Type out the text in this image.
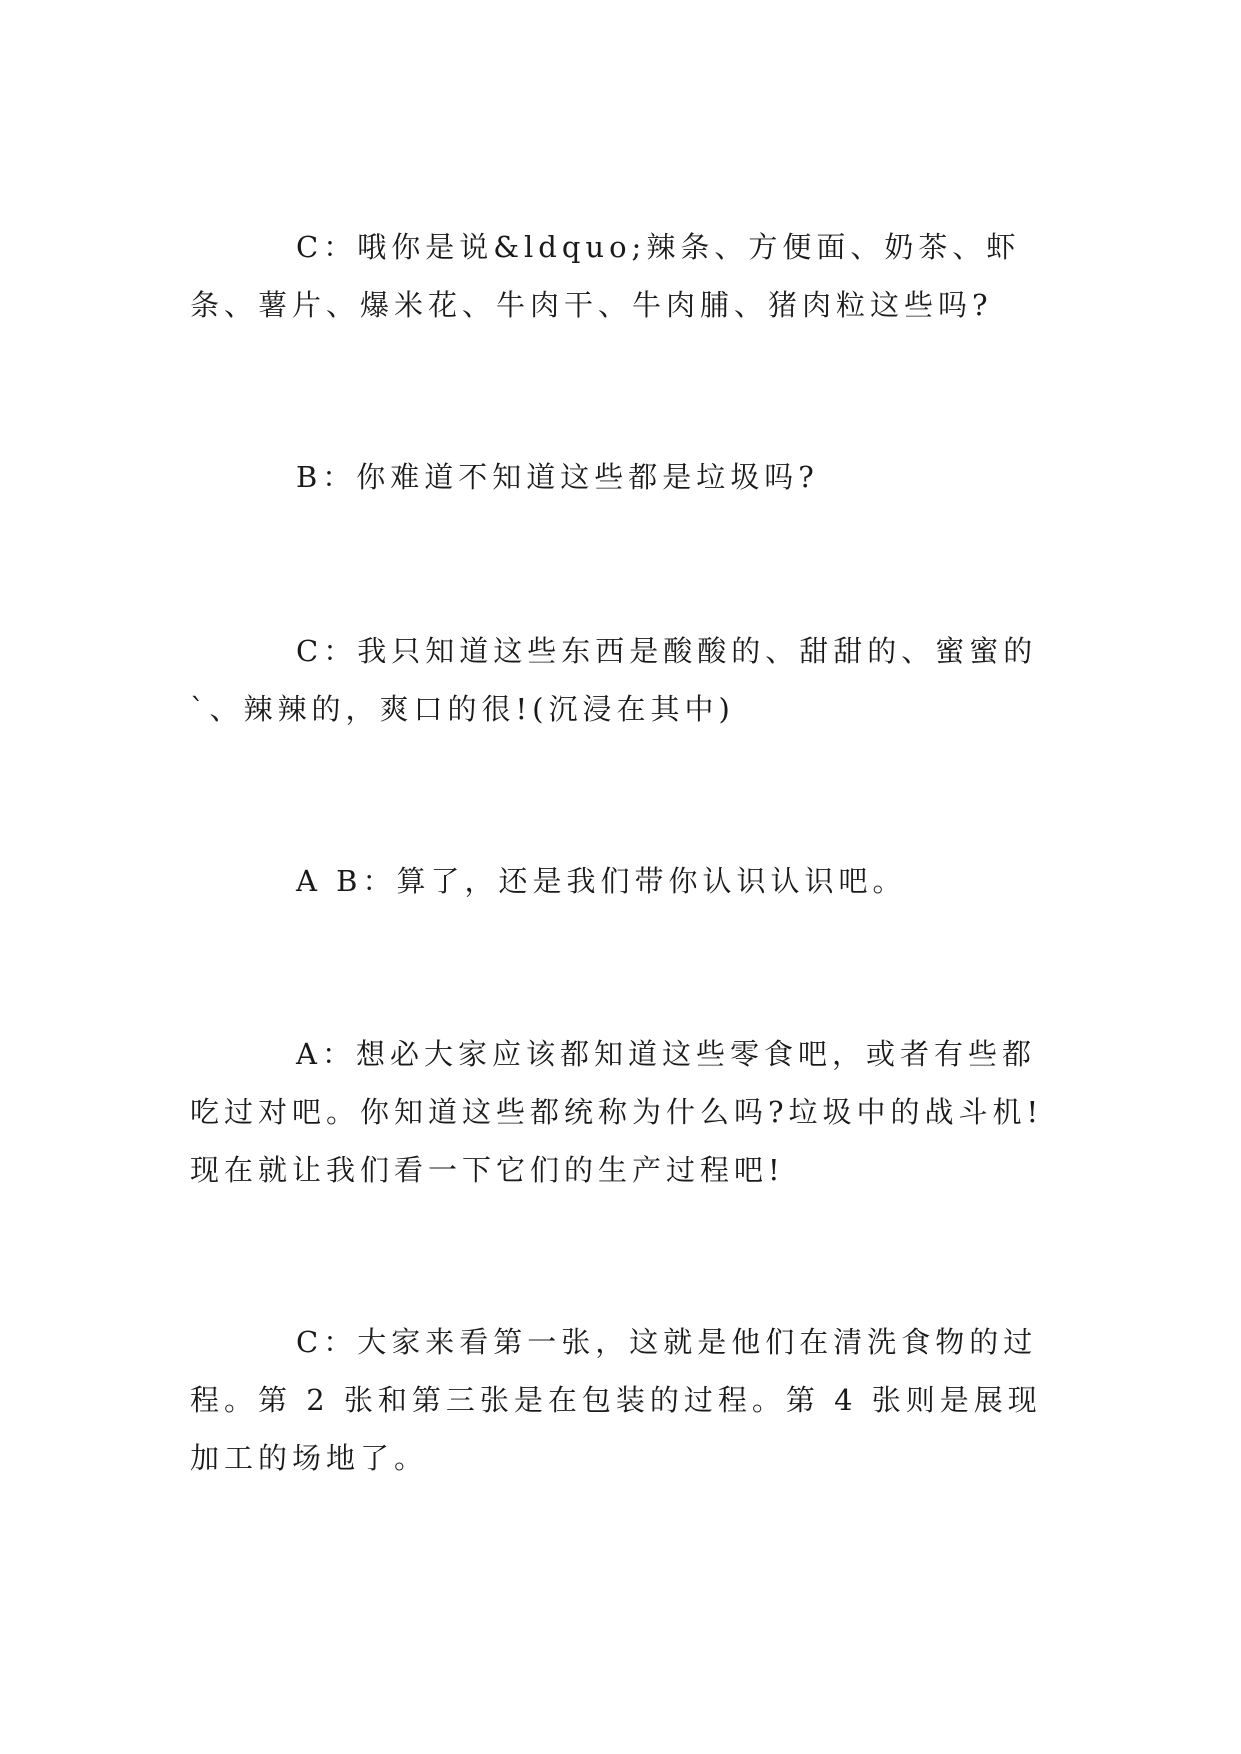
C：哦你是说&ldquo;辣条、方便面、奶茶、虾条、薯片、爆米花、牛肉干、牛肉脯、猪肉粒这些吗?

B：你难道不知道这些都是垃圾吗?

C：我只知道这些东西是酸酸的、甜甜的、蜜蜜的`、辣辣的，爽口的很!(沉浸在其中)

A B：算了，还是我们带你认识认识吧。

A：想必大家应该都知道这些零食吧，或者有些都吃过对吧。你知道这些都统称为什么吗?垃圾中的战斗机!现在就让我们看一下它们的生产过程吧!

C：大家来看第一张，这就是他们在清洗食物的过程。第 2 张和第三张是在包装的过程。第 4 张则是展现加工的场地了。
